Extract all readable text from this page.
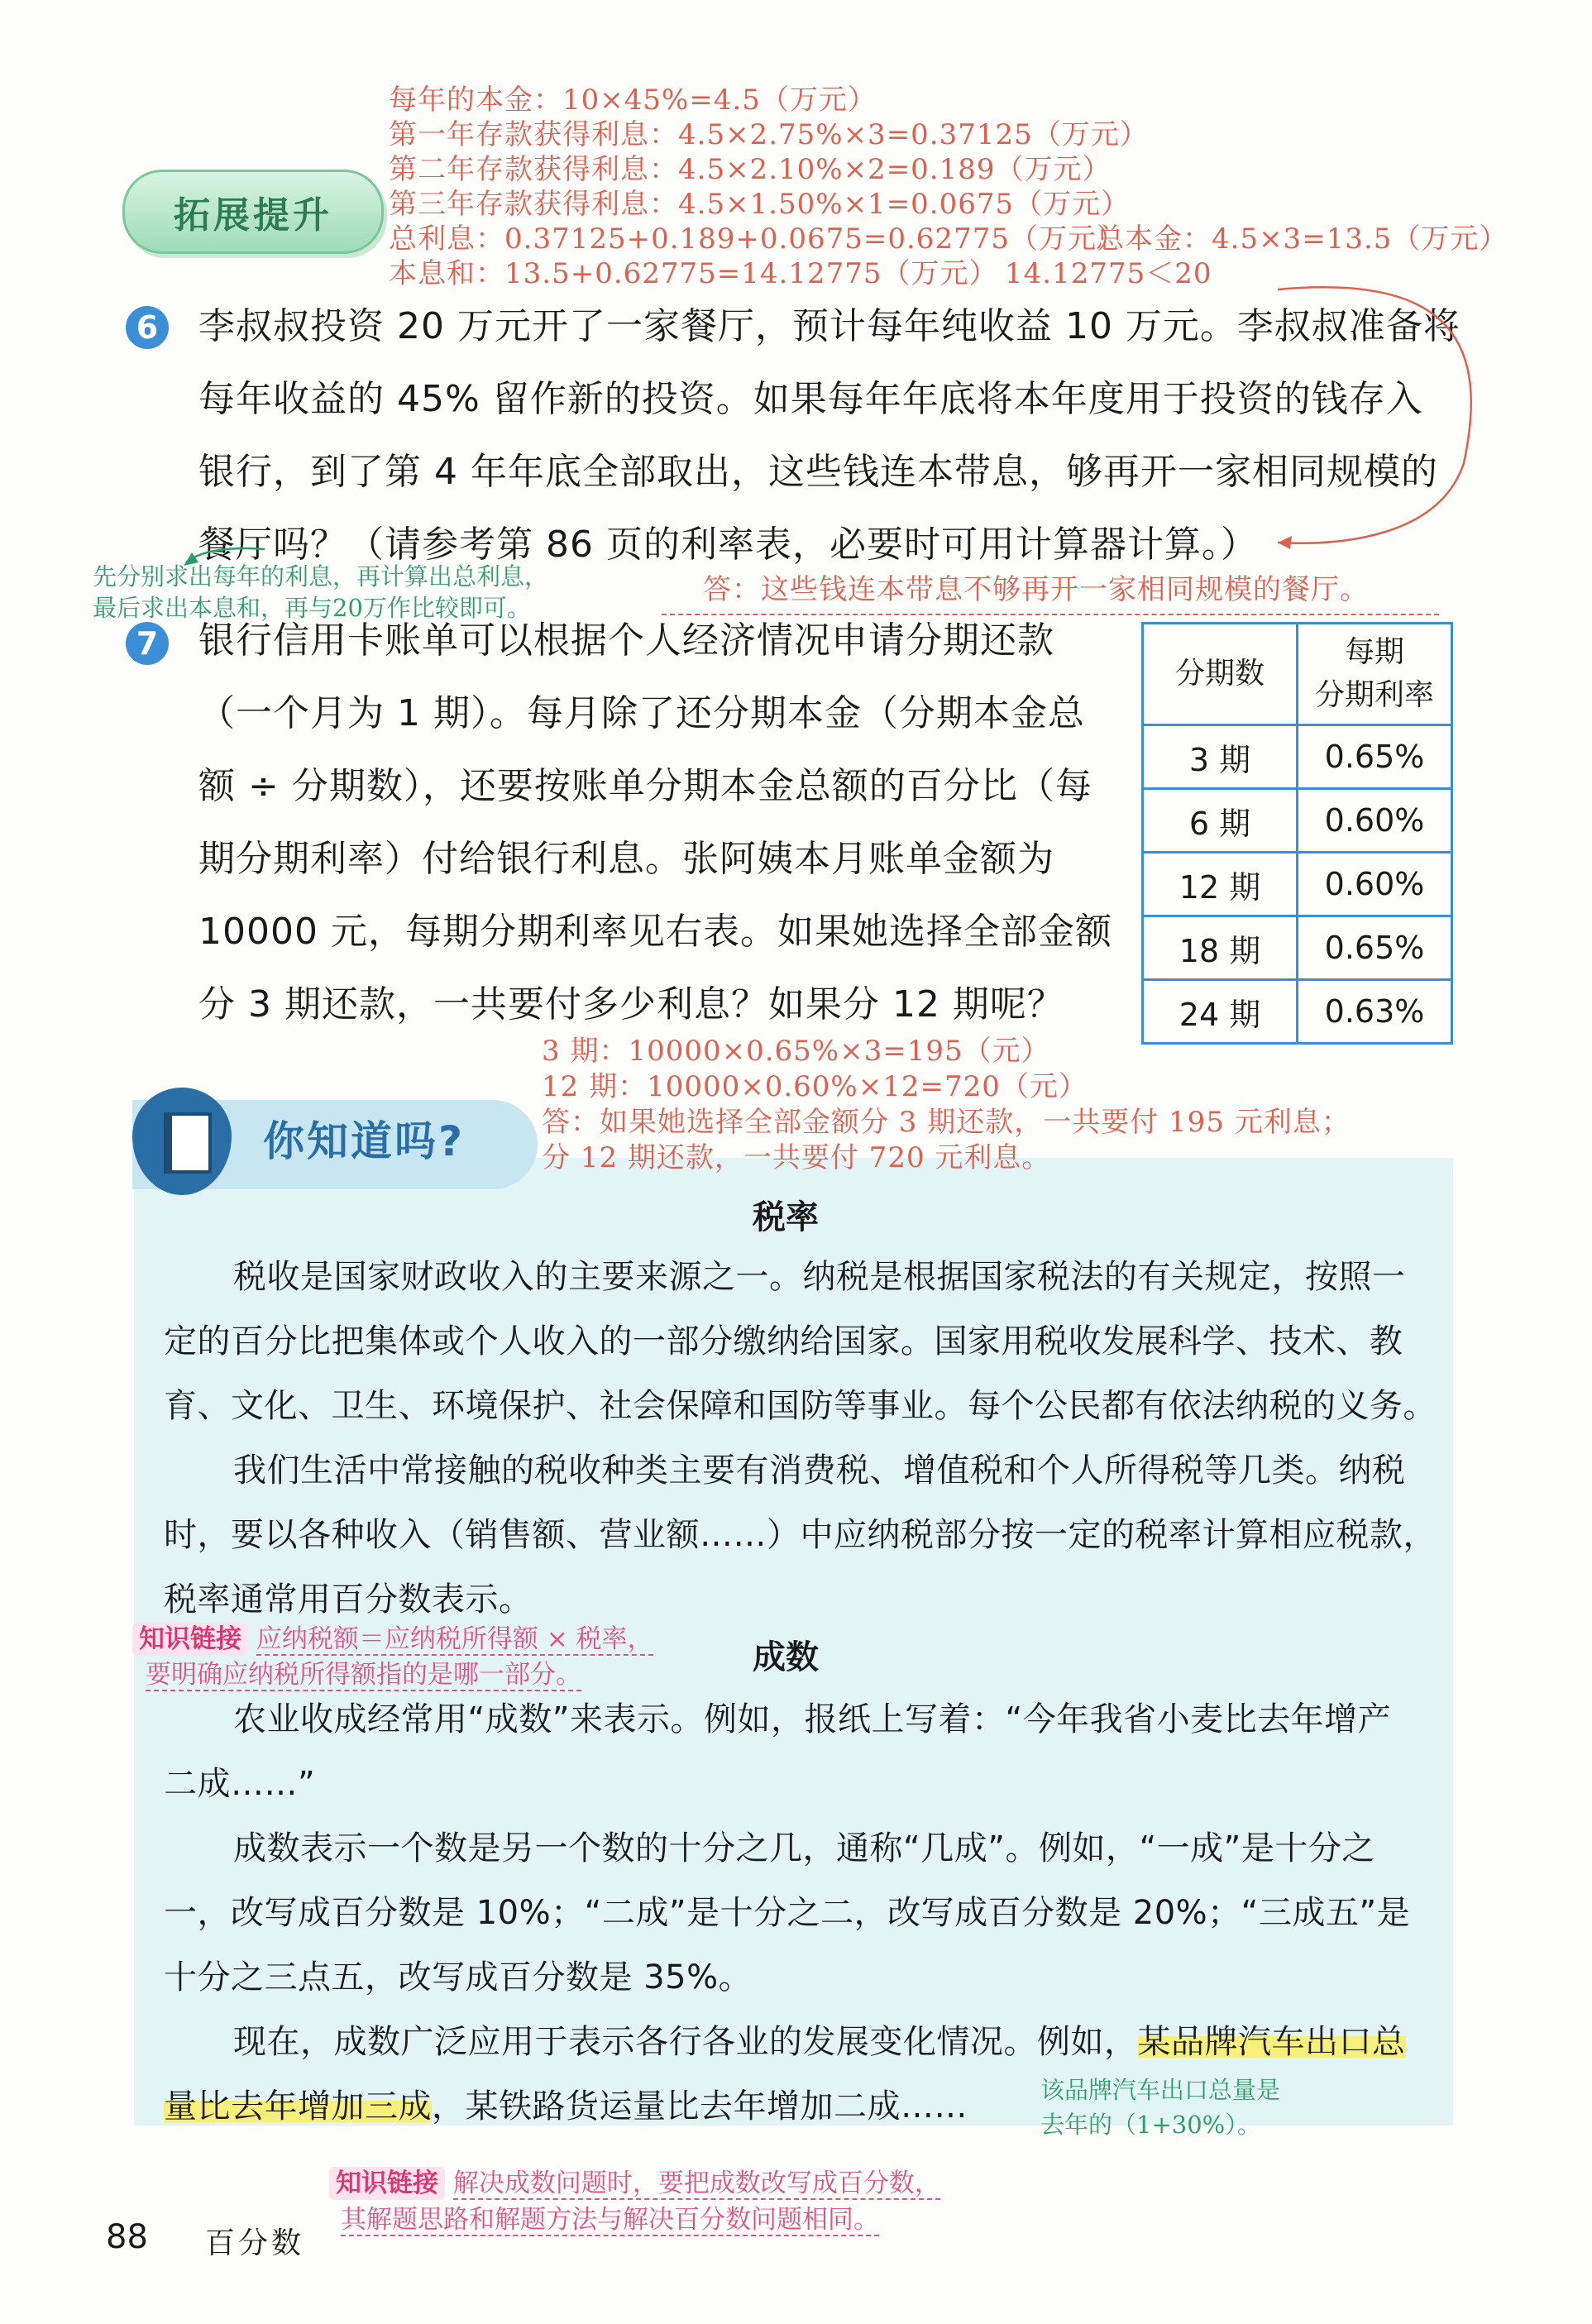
每年的本金：10×45%=4.5（万元）
第一年存款获得利息：4.5×2.75%×3=0.37125（万元）
第二年存款获得利息：4.5×2.10%×2=0.189（万元）
第三年存款获得利息：4.5×1.50%×1=0.0675（万元）
总利息：0.37125+0.189+0.0675=0.62775（万元）
总本金：4.5×3=13.5（万元）
本息和：13.5+0.62775=14.12775（万元） 14.12775＜20
拓展提升
6 李叔叔投资 20 万元开了一家餐厅，预计每年纯收益 10 万元。李叔叔准备将
每年收益的 45% 留作新的投资。如果每年年底将本年度用于投资的钱存入
银行，到了第 4 年年底全部取出，这些钱连本带息，够再开一家相同规模的
餐厅吗？（请参考第 86 页的利率表，必要时可用计算器计算。）
先分别求出每年的利息，再计算出总利息，
最后求出本息和，再与20万作比较即可。
答：这些钱连本带息不够再开一家相同规模的餐厅。
7 银行信用卡账单可以根据个人经济情况申请分期还款
（一个月为 1 期）。每月除了还分期本金（分期本金总
额 ÷ 分期数），还要按账单分期本金总额的百分比（每
期分期利率）付给银行利息。张阿姨本月账单金额为
10000 元，每期分期利率见右表。如果她选择全部金额
分 3 期还款，一共要付多少利息？如果分 12 期呢？
分期数	每期
分期利率

3 期	0.65%
6 期	0.60%
12 期	0.60%
18 期	0.65%
24 期	0.63%
3 期：10000×0.65%×3=195（元）
12 期：10000×0.60%×12=720（元）
你知道吗?	答：如果她选择全部金额分 3 期还款，一共要付 195 元利息；
分 12 期还款，一共要付 720 元利息。
税率
税收是国家财政收入的主要来源之一。纳税是根据国家税法的有关规定，按照一
定的百分比把集体或个人收入的一部分缴纳给国家。国家用税收发展科学、技术、教
育、文化、卫生、环境保护、社会保障和国防等事业。每个公民都有依法纳税的义务。
我们生活中常接触的税收种类主要有消费税、增值税和个人所得税等几类。纳税
时，要以各种收入（销售额、营业额……）中应纳税部分按一定的税率计算相应税款，
税率通常用百分数表示。
知识链接 应纳税额＝应纳税所得额 × 税率，
要明确应纳税所得额指的是哪一部分。	成数
农业收成经常用“成数”来表示。例如，报纸上写着：“今年我省小麦比去年增产
二成……”
成数表示一个数是另一个数的十分之几，通称“几成”。例如，“一成”是十分之
一，改写成百分数是 10%；“二成”是十分之二，改写成百分数是 20%；“三成五”是
十分之三点五，改写成百分数是 35%。
现在，成数广泛应用于表示各行各业的发展变化情况。例如，某品牌汽车出口总
量比去年增加三成，某铁路货运量比去年增加二成……	该品牌汽车出口总量是
去年的（1+30%）。
知识链接 解决成数问题时，要把成数改写成百分数，
其解题思路和解题方法与解决百分数问题相同。
88 百分数
